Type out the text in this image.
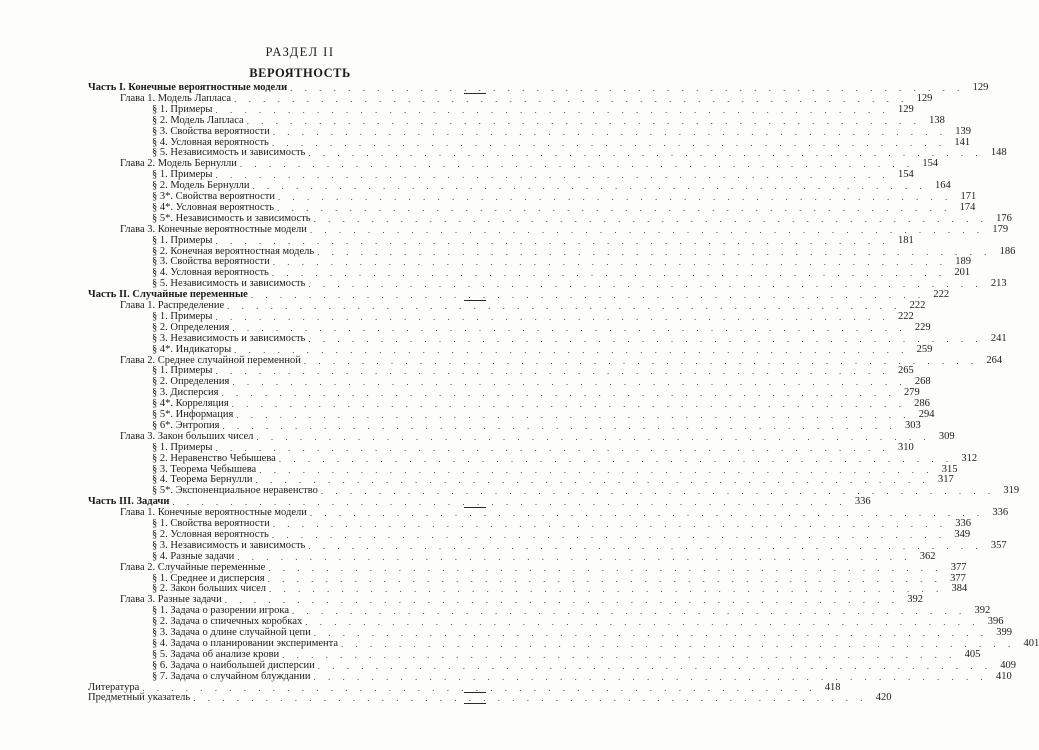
РАЗДЕЛ II
ВЕРОЯТНОСТЬ
Часть I. Конечные вероятностные модели . . . . . . . . . . . . . . . . . . . . . . . . . . . . . . . . . . . . . . . . . . . . . . . 129
Глава 1. Модель Лапласа . . . . . . . . . . . . . . . . . . . . . . . . . . . . . . . . . . . . . . . . . . . . . . . 129
§ 1. Примеры . . . . . . . . . . . . . . . . . . . . . . . . . . . . . . . . . . . . . . . . . . . . . . . 129
§ 2. Модель Лапласа . . . . . . . . . . . . . . . . . . . . . . . . . . . . . . . . . . . . . . . . . . . . . . . 138
§ 3. Свойства вероятности . . . . . . . . . . . . . . . . . . . . . . . . . . . . . . . . . . . . . . . . . . . . . . . 139
§ 4. Условная вероятность . . . . . . . . . . . . . . . . . . . . . . . . . . . . . . . . . . . . . . . . . . . . . . . 141
§ 5. Независимость и зависимость . . . . . . . . . . . . . . . . . . . . . . . . . . . . . . . . . . . . . . . . . . . . . . . 148
Глава 2. Модель Бернулли . . . . . . . . . . . . . . . . . . . . . . . . . . . . . . . . . . . . . . . . . . . . . . . 154
§ 1. Примеры . . . . . . . . . . . . . . . . . . . . . . . . . . . . . . . . . . . . . . . . . . . . . . . 154
§ 2. Модель Бернулли . . . . . . . . . . . . . . . . . . . . . . . . . . . . . . . . . . . . . . . . . . . . . . . 164
§ 3*. Свойства вероятности . . . . . . . . . . . . . . . . . . . . . . . . . . . . . . . . . . . . . . . . . . . . . . . 171
§ 4*. Условная вероятность . . . . . . . . . . . . . . . . . . . . . . . . . . . . . . . . . . . . . . . . . . . . . . . 174
§ 5*. Независимость и зависимость . . . . . . . . . . . . . . . . . . . . . . . . . . . . . . . . . . . . . . . . . . . . . . . 176
Глава 3. Конечные вероятностные модели . . . . . . . . . . . . . . . . . . . . . . . . . . . . . . . . . . . . . . . . . . . . . . . 179
§ 1. Примеры . . . . . . . . . . . . . . . . . . . . . . . . . . . . . . . . . . . . . . . . . . . . . . . 181
§ 2. Конечная вероятностная модель . . . . . . . . . . . . . . . . . . . . . . . . . . . . . . . . . . . . . . . . . . . . . . . 186
§ 3. Свойства вероятности . . . . . . . . . . . . . . . . . . . . . . . . . . . . . . . . . . . . . . . . . . . . . . . 189
§ 4. Условная вероятность . . . . . . . . . . . . . . . . . . . . . . . . . . . . . . . . . . . . . . . . . . . . . . . 201
§ 5. Независимость и зависимость . . . . . . . . . . . . . . . . . . . . . . . . . . . . . . . . . . . . . . . . . . . . . . . 213
Часть II. Случайные переменные . . . . . . . . . . . . . . . . . . . . . . . . . . . . . . . . . . . . . . . . . . . . . . . 222
Глава 1. Распределение . . . . . . . . . . . . . . . . . . . . . . . . . . . . . . . . . . . . . . . . . . . . . . . 222
§ 1. Примеры . . . . . . . . . . . . . . . . . . . . . . . . . . . . . . . . . . . . . . . . . . . . . . . 222
§ 2. Определения . . . . . . . . . . . . . . . . . . . . . . . . . . . . . . . . . . . . . . . . . . . . . . . 229
§ 3. Независимость и зависимость . . . . . . . . . . . . . . . . . . . . . . . . . . . . . . . . . . . . . . . . . . . . . . . 241
§ 4*. Индикаторы . . . . . . . . . . . . . . . . . . . . . . . . . . . . . . . . . . . . . . . . . . . . . . . 259
Глава 2. Среднее случайной переменной . . . . . . . . . . . . . . . . . . . . . . . . . . . . . . . . . . . . . . . . . . . . . . . 264
§ 1. Примеры . . . . . . . . . . . . . . . . . . . . . . . . . . . . . . . . . . . . . . . . . . . . . . . 265
§ 2. Определения . . . . . . . . . . . . . . . . . . . . . . . . . . . . . . . . . . . . . . . . . . . . . . . 268
§ 3. Дисперсия . . . . . . . . . . . . . . . . . . . . . . . . . . . . . . . . . . . . . . . . . . . . . . . 279
§ 4*. Корреляция . . . . . . . . . . . . . . . . . . . . . . . . . . . . . . . . . . . . . . . . . . . . . . . 286
§ 5*. Информация . . . . . . . . . . . . . . . . . . . . . . . . . . . . . . . . . . . . . . . . . . . . . . . 294
§ 6*. Энтропия . . . . . . . . . . . . . . . . . . . . . . . . . . . . . . . . . . . . . . . . . . . . . . . 303
Глава 3. Закон больших чисел . . . . . . . . . . . . . . . . . . . . . . . . . . . . . . . . . . . . . . . . . . . . . . . 309
§ 1. Примеры . . . . . . . . . . . . . . . . . . . . . . . . . . . . . . . . . . . . . . . . . . . . . . . 310
§ 2. Неравенство Чебышева . . . . . . . . . . . . . . . . . . . . . . . . . . . . . . . . . . . . . . . . . . . . . . . 312
§ 3. Теорема Чебышева . . . . . . . . . . . . . . . . . . . . . . . . . . . . . . . . . . . . . . . . . . . . . . . 315
§ 4. Теорема Бернулли . . . . . . . . . . . . . . . . . . . . . . . . . . . . . . . . . . . . . . . . . . . . . . . 317
§ 5*. Экспоненциальное неравенство . . . . . . . . . . . . . . . . . . . . . . . . . . . . . . . . . . . . . . . . . . . . . . . 319
Часть III. Задачи . . . . . . . . . . . . . . . . . . . . . . . . . . . . . . . . . . . . . . . . . . . . . . . 336
Глава 1. Конечные вероятностные модели . . . . . . . . . . . . . . . . . . . . . . . . . . . . . . . . . . . . . . . . . . . . . . . 336
§ 1. Свойства вероятности . . . . . . . . . . . . . . . . . . . . . . . . . . . . . . . . . . . . . . . . . . . . . . . 336
§ 2. Условная вероятность . . . . . . . . . . . . . . . . . . . . . . . . . . . . . . . . . . . . . . . . . . . . . . . 349
§ 3. Независимость и зависимость . . . . . . . . . . . . . . . . . . . . . . . . . . . . . . . . . . . . . . . . . . . . . . . 357
§ 4. Разные задачи . . . . . . . . . . . . . . . . . . . . . . . . . . . . . . . . . . . . . . . . . . . . . . . 362
Глава 2. Случайные переменные . . . . . . . . . . . . . . . . . . . . . . . . . . . . . . . . . . . . . . . . . . . . . . . 377
§ 1. Среднее и дисперсия . . . . . . . . . . . . . . . . . . . . . . . . . . . . . . . . . . . . . . . . . . . . . . . 377
§ 2. Закон больших чисел . . . . . . . . . . . . . . . . . . . . . . . . . . . . . . . . . . . . . . . . . . . . . . . 384
Глава 3. Разные задачи . . . . . . . . . . . . . . . . . . . . . . . . . . . . . . . . . . . . . . . . . . . . . . . 392
§ 1. Задача о разорении игрока . . . . . . . . . . . . . . . . . . . . . . . . . . . . . . . . . . . . . . . . . . . . . . . 392
§ 2. Задача о спичечных коробках . . . . . . . . . . . . . . . . . . . . . . . . . . . . . . . . . . . . . . . . . . . . . . . 396
§ 3. Задача о длине случайной цепи . . . . . . . . . . . . . . . . . . . . . . . . . . . . . . . . . . . . . . . . . . . . . . . 399
§ 4. Задача о планировании эксперимента . . . . . . . . . . . . . . . . . . . . . . . . . . . . . . . . . . . . . . . . . . . . . . . 401
§ 5. Задача об анализе крови . . . . . . . . . . . . . . . . . . . . . . . . . . . . . . . . . . . . . . . . . . . . . . . 405
§ 6. Задача о наибольшей дисперсии . . . . . . . . . . . . . . . . . . . . . . . . . . . . . . . . . . . . . . . . . . . . . . . 409
§ 7. Задача о случайном блуждании . . . . . . . . . . . . . . . . . . . . . . . . . . . . . . . . . . . . . . . . . . . . . . . 410
Литература . . . . . . . . . . . . . . . . . . . . . . . . . . . . . . . . . . . . . . . . . . . . . . . 418
Предметный указатель . . . . . . . . . . . . . . . . . . . . . . . . . . . . . . . . . . . . . . . . . . . . . . . 420
